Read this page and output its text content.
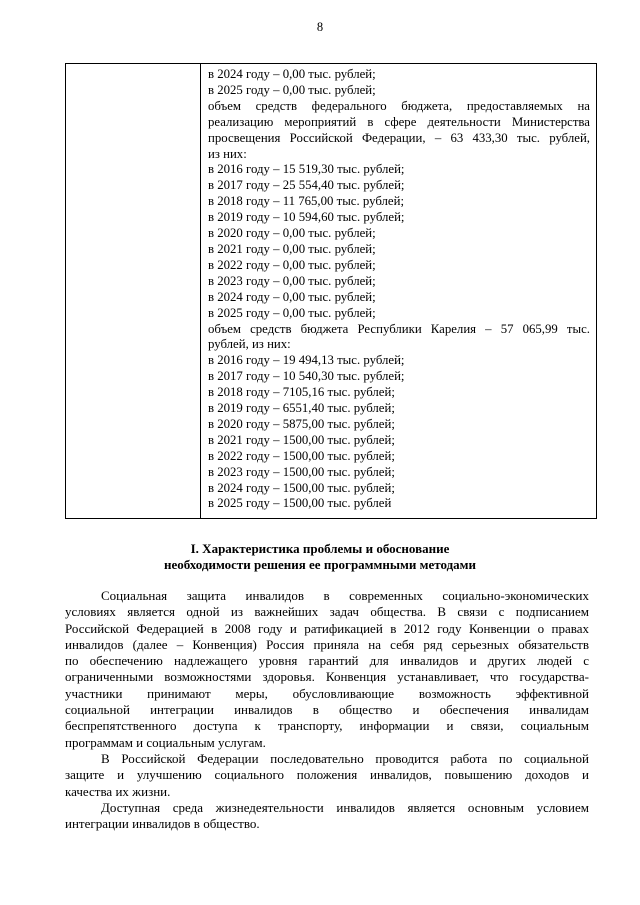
8
в 2024 году – 0,00 тыс. рублей;
в 2025 году – 0,00 тыс. рублей;
объем средств федерального бюджета, предоставляемых на
реализацию мероприятий в сфере деятельности Министерства
просвещения Российской Федерации, – 63 433,30 тыс. рублей,
из них:
в 2016 году – 15 519,30 тыс. рублей;
в 2017 году – 25 554,40 тыс. рублей;
в 2018 году – 11 765,00 тыс. рублей;
в 2019 году – 10 594,60 тыс. рублей;
в 2020 году – 0,00 тыс. рублей;
в 2021 году – 0,00 тыс. рублей;
в 2022 году – 0,00 тыс. рублей;
в 2023 году – 0,00 тыс. рублей;
в 2024 году – 0,00 тыс. рублей;
в 2025 году – 0,00 тыс. рублей;
объем средств бюджета Республики Карелия – 57 065,99 тыс.
рублей, из них:
в 2016 году – 19 494,13 тыс. рублей;
в 2017 году – 10 540,30 тыс. рублей;
в 2018 году – 7105,16 тыс. рублей;
в 2019 году – 6551,40 тыс. рублей;
в 2020 году – 5875,00 тыс. рублей;
в 2021 году – 1500,00 тыс. рублей;
в 2022 году – 1500,00 тыс. рублей;
в 2023 году – 1500,00 тыс. рублей;
в 2024 году – 1500,00 тыс. рублей;
в 2025 году – 1500,00 тыс. рублей
I. Характеристика проблемы и обоснование
необходимости решения ее программными методами
Социальная защита инвалидов в современных социально-экономических
условиях является одной из важнейших задач общества. В связи с подписанием
Российской Федерацией в 2008 году и ратификацией в 2012 году Конвенции о правах
инвалидов (далее – Конвенция) Россия приняла на себя ряд серьезных обязательств
по обеспечению надлежащего уровня гарантий для инвалидов и других людей с
ограниченными возможностями здоровья. Конвенция устанавливает, что государства-
участники принимают меры, обусловливающие возможность эффективной
социальной интеграции инвалидов в общество и обеспечения инвалидам
беспрепятственного доступа к транспорту, информации и связи, социальным
программам и социальным услугам.
В Российской Федерации последовательно проводится работа по социальной
защите и улучшению социального положения инвалидов, повышению доходов и
качества их жизни.
Доступная среда жизнедеятельности инвалидов является основным условием
интеграции инвалидов в общество.
